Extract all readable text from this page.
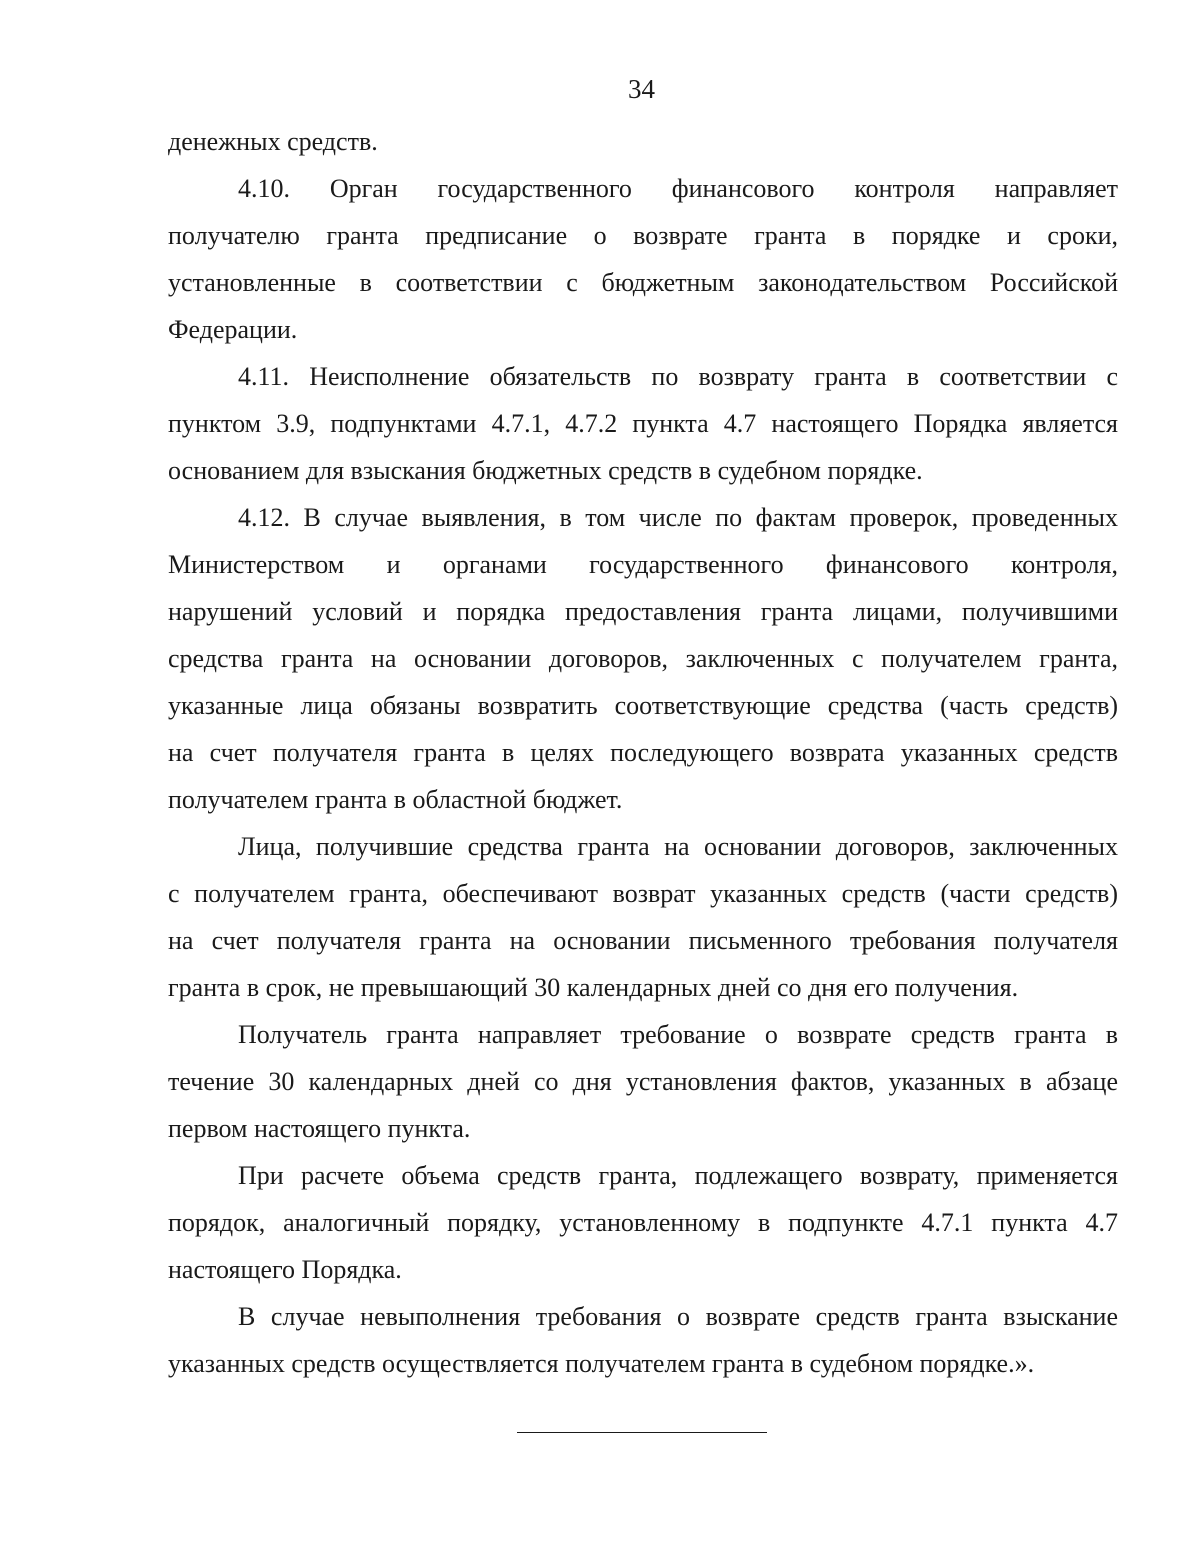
34
денежных средств.
4.10. Орган государственного финансового контроля направляет
получателю гранта предписание о возврате гранта в порядке и сроки,
установленные в соответствии с бюджетным законодательством Российской
Федерации.
4.11. Неисполнение обязательств по возврату гранта в соответствии с
пунктом 3.9, подпунктами 4.7.1, 4.7.2 пункта 4.7 настоящего Порядка является
основанием для взыскания бюджетных средств в судебном порядке.
4.12. В случае выявления, в том числе по фактам проверок, проведенных
Министерством и органами государственного финансового контроля,
нарушений условий и порядка предоставления гранта лицами, получившими
средства гранта на основании договоров, заключенных с получателем гранта,
указанные лица обязаны возвратить соответствующие средства (часть средств)
на счет получателя гранта в целях последующего возврата указанных средств
получателем гранта в областной бюджет.
Лица, получившие средства гранта на основании договоров, заключенных
с получателем гранта, обеспечивают возврат указанных средств (части средств)
на счет получателя гранта на основании письменного требования получателя
гранта в срок, не превышающий 30 календарных дней со дня его получения.
Получатель гранта направляет требование о возврате средств гранта в
течение 30 календарных дней со дня установления фактов, указанных в абзаце
первом настоящего пункта.
При расчете объема средств гранта, подлежащего возврату, применяется
порядок, аналогичный порядку, установленному в подпункте 4.7.1 пункта 4.7
настоящего Порядка.
В случае невыполнения требования о возврате средств гранта взыскание
указанных средств осуществляется получателем гранта в судебном порядке.».
